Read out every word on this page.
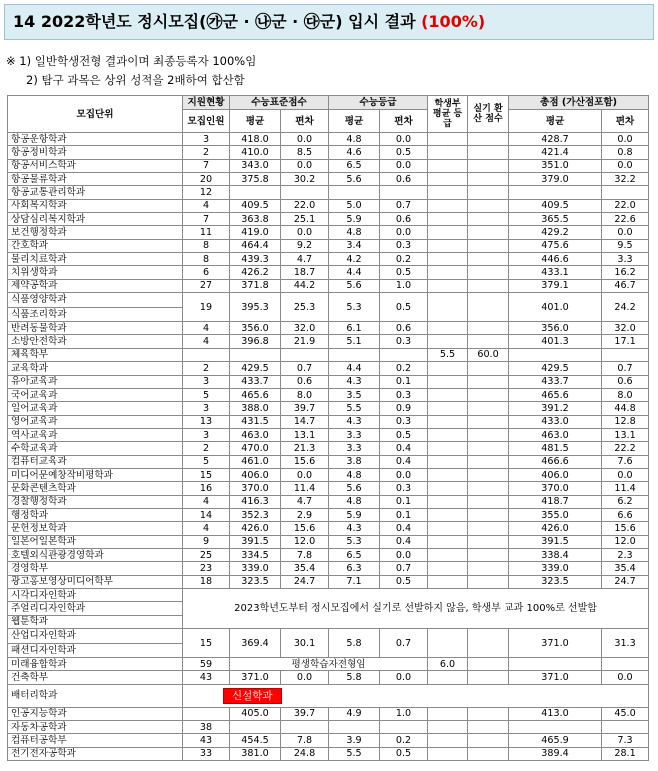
14 2022학년도 정시모집(㉮군 · ㉯군 · ㉰군) 입시 결과 (100%)
※ 1) 일반학생전형 결과이며 최종등록자 100%임
2) 탐구 과목은 상위 성적을 2배하여 합산함
모집단위	지원현황	수능표준점수		수능등급		학생부 평균 등급	실기 환산 점수	총점 (가산점포함)	
	모집인원	평균	편차	평균	편차			평균	편차
항공운항학과	3	418.0	0.0	4.8	0.0			428.7	0.0
항공정비학과	2	410.0	8.5	4.6	0.5			421.4	0.8
항공서비스학과	7	343.0	0.0	6.5	0.0			351.0	0.0
항공물류학과	20	375.8	30.2	5.6	0.6			379.0	32.2
항공교통관리학과	12								
사회복지학과	4	409.5	22.0	5.0	0.7			409.5	22.0
상담심리복지학과	7	363.8	25.1	5.9	0.6			365.5	22.6
보건행정학과	11	419.0	0.0	4.8	0.0			429.2	0.0
간호학과	8	464.4	9.2	3.4	0.3			475.6	9.5
물리치료학과	8	439.3	4.7	4.2	0.2			446.6	3.3
치위생학과	6	426.2	18.7	4.4	0.5			433.1	16.2
제약공학과	27	371.8	44.2	5.6	1.0			379.1	46.7
식품영양학과	19	395.3	25.3	5.3	0.5			401.0	24.2
식품조리학과									
반려동물학과	4	356.0	32.0	6.1	0.6			356.0	32.0
소방안전학과	4	396.8	21.9	5.1	0.3			401.3	17.1
체육학부						5.5	60.0		
교육학과	2	429.5	0.7	4.4	0.2			429.5	0.7
유아교육과	3	433.7	0.6	4.3	0.1			433.7	0.6
국어교육과	5	465.6	8.0	3.5	0.3			465.6	8.0
일어교육과	3	388.0	39.7	5.5	0.9			391.2	44.8
영어교육과	13	431.5	14.7	4.3	0.3			433.0	12.8
역사교육과	3	463.0	13.1	3.3	0.5			463.0	13.1
수학교육과	2	470.0	21.3	3.3	0.4			481.5	22.2
컴퓨터교육과	5	461.0	15.6	3.8	0.4			466.6	7.6
미디어문예창작비평학과	15	406.0	0.0	4.8	0.0			406.0	0.0
문화콘텐츠학과	16	370.0	11.4	5.6	0.3			370.0	11.4
경찰행정학과	4	416.3	4.7	4.8	0.1			418.7	6.2
행정학과	14	352.3	2.9	5.9	0.1			355.0	6.6
문헌정보학과	4	426.0	15.6	4.3	0.4			426.0	15.6
일본어일본학과	9	391.5	12.0	5.3	0.4			391.5	12.0
호텔외식관광경영학과	25	334.5	7.8	6.5	0.0			338.4	2.3
경영학부	23	339.0	35.4	6.3	0.7			339.0	35.4
광고홍보영상미디어학부	18	323.5	24.7	7.1	0.5			323.5	24.7
시각디자인학과	2023학년도부터 정시모집에서 실기로 선발하지 않음, 학생부 교과 100%로 선발함								
주얼리디자인학과									
웹툰학과									
산업디자인학과	15	369.4	30.1	5.8	0.7			371.0	31.3
패션디자인학과									
미래융합학과	59	평생학습자전형임				6.0			
건축학부	43	371.0	0.0	5.8	0.0			371.0	0.0
배터리학과	신설학과								
인공지능학과		405.0	39.7	4.9	1.0			413.0	45.0
자동차공학과	38								
컴퓨터공학부	43	454.5	7.8	3.9	0.2			465.9	7.3
전기전자공학과	33	381.0	24.8	5.5	0.5			389.4	28.1
